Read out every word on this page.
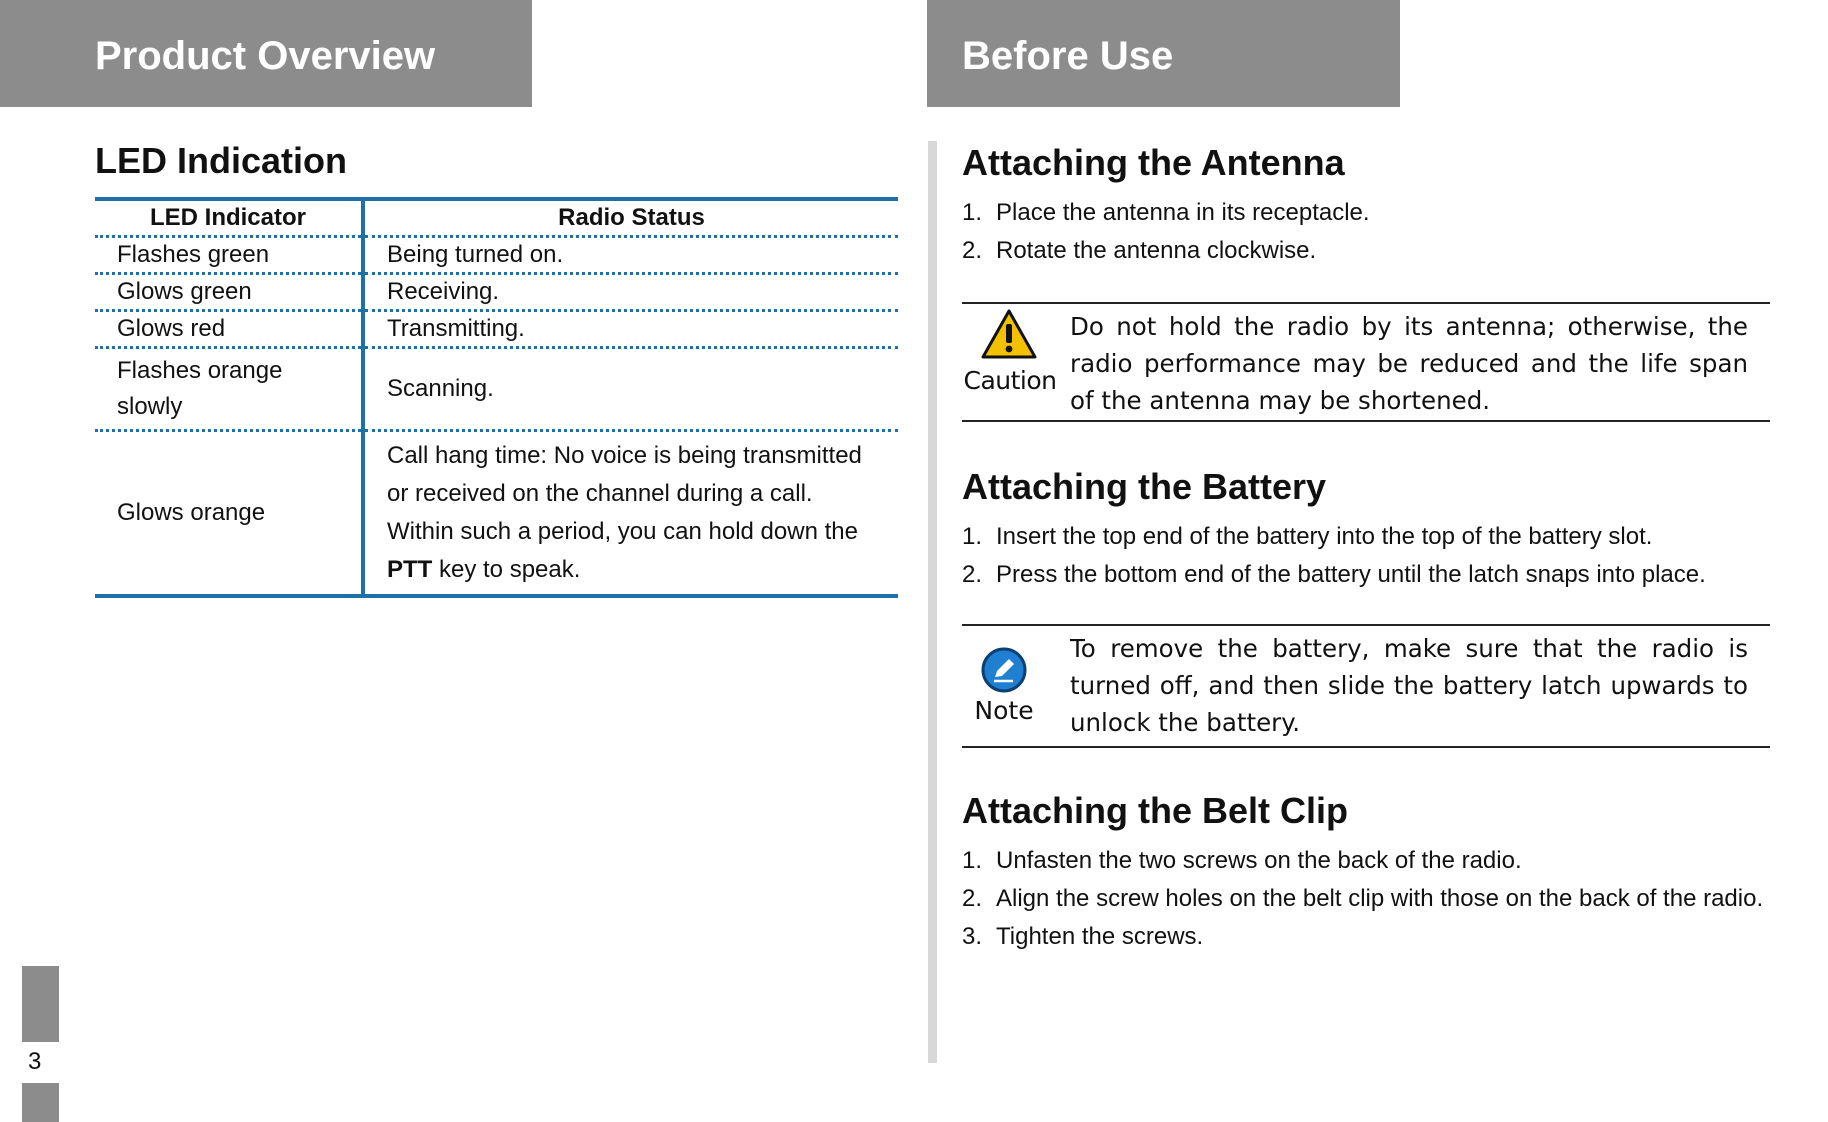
Product Overview	Before Use
LED Indication
LED Indicator	Radio Status
Flashes green	Being turned on.
Glows green	Receiving.
Glows red	Transmitting.
Flashes orange slowly	Scanning.
Glows orange	Call hang time: No voice is being transmitted or received on the channel during a call. Within such a period, you can hold down the PTT key to speak.
Attaching the Antenna
1. Place the antenna in its receptacle.
2. Rotate the antenna clockwise.
Caution
Do not hold the radio by its antenna; otherwise, the radio performance may be reduced and the life span of the antenna may be shortened.
Attaching the Battery
1. Insert the top end of the battery into the top of the battery slot.
2. Press the bottom end of the battery until the latch snaps into place.
Note
To remove the battery, make sure that the radio is turned off, and then slide the battery latch upwards to unlock the battery.
Attaching the Belt Clip
1. Unfasten the two screws on the back of the radio.
2. Align the screw holes on the belt clip with those on the back of the radio.
3. Tighten the screws.
3
